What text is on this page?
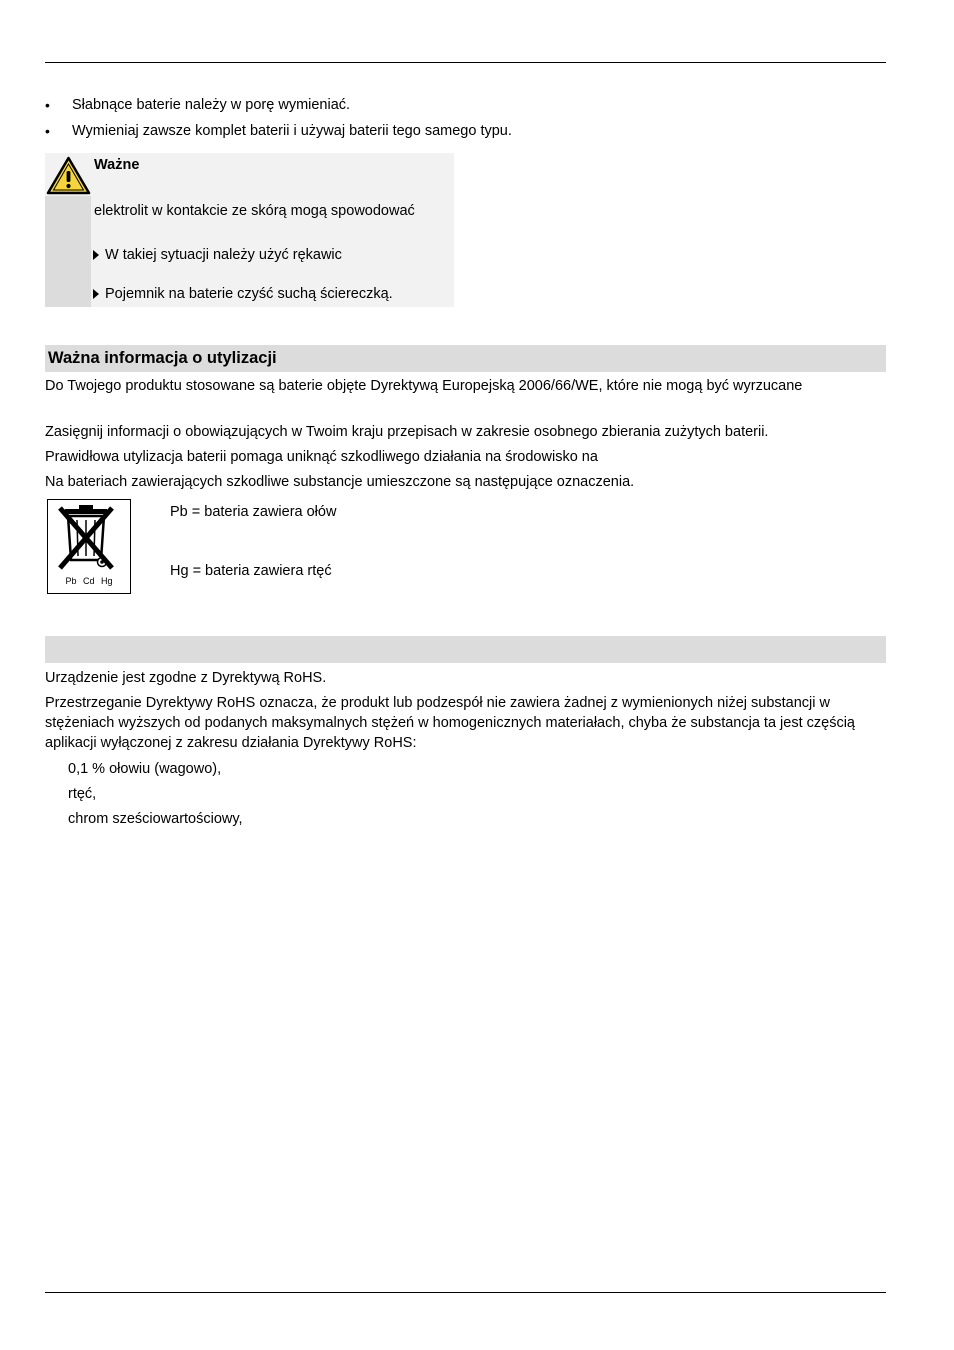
• Słabnące baterie należy w porę wymieniać.
• Wymieniaj zawsze komplet baterii i używaj baterii tego samego typu.
Ważne
elektrolit w kontakcie ze skórą mogą spowodować
W takiej sytuacji należy użyć rękawic
Pojemnik na baterie czyść suchą ściereczką.
Ważna informacja o utylizacji
Do Twojego produktu stosowane są baterie objęte Dyrektywą Europejską 2006/66/WE, które nie mogą być wyrzucane
Zasięgnij informacji o obowiązujących w Twoim kraju przepisach w zakresie osobnego zbierania zużytych baterii.
Prawidłowa utylizacja baterii pomaga uniknąć szkodliwego działania na środowisko na
Na bateriach zawierających szkodliwe substancje umieszczone są następujące oznaczenia.
Pb Cd Hg
Pb = bateria zawiera ołów
Hg = bateria zawiera rtęć
Urządzenie jest zgodne z Dyrektywą RoHS.
Przestrzeganie Dyrektywy RoHS oznacza, że produkt lub podzespół nie zawiera żadnej z wymienionych niżej substancji w stężeniach wyższych od podanych maksymalnych stężeń w homogenicznych materiałach, chyba że substancja ta jest częścią aplikacji wyłączonej z zakresu działania Dyrektywy RoHS:
0,1 % ołowiu (wagowo),
rtęć,
chrom sześciowartościowy,
